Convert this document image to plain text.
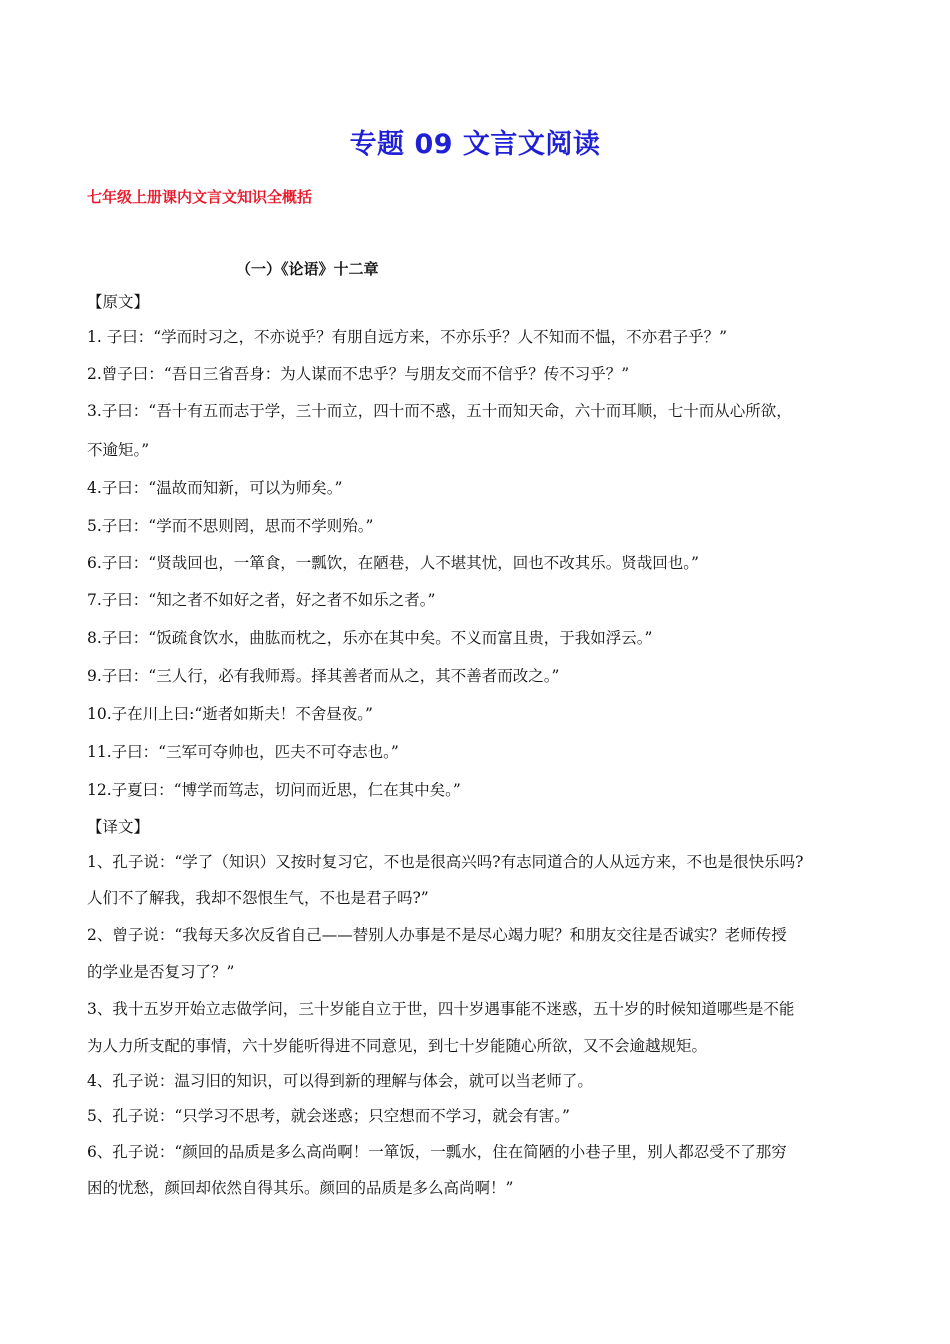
专题 09 文言文阅读
七年级上册课内文言文知识全概括
（一）《论语》十二章
【原文】
1. 子曰：“学而时习之，不亦说乎？有朋自远方来，不亦乐乎？人不知而不愠，不亦君子乎？”
2.曾子曰：“吾日三省吾身：为人谋而不忠乎？与朋友交而不信乎？传不习乎？”
3.子曰：“吾十有五而志于学，三十而立，四十而不惑，五十而知天命，六十而耳顺，七十而从心所欲，
不逾矩。”
4.子曰：“温故而知新，可以为师矣。”
5.子曰：“学而不思则罔，思而不学则殆。”
6.子曰：“贤哉回也，一箪食，一瓢饮，在陋巷，人不堪其忧，回也不改其乐。贤哉回也。”
7.子曰：“知之者不如好之者，好之者不如乐之者。”
8.子曰：“饭疏食饮水，曲肱而枕之，乐亦在其中矣。不义而富且贵，于我如浮云。”
9.子曰：“三人行，必有我师焉。择其善者而从之，其不善者而改之。”
10.子在川上曰:“逝者如斯夫！不舍昼夜。”
11.子曰：“三军可夺帅也，匹夫不可夺志也。”
12.子夏曰：“博学而笃志，切问而近思，仁在其中矣。”
【译文】
1、孔子说：“学了（知识）又按时复习它，不也是很高兴吗?有志同道合的人从远方来，不也是很快乐吗?
人们不了解我，我却不怨恨生气，不也是君子吗?”
2、曾子说：“我每天多次反省自己——替别人办事是不是尽心竭力呢？和朋友交往是否诚实？老师传授
的学业是否复习了？”
3、我十五岁开始立志做学问，三十岁能自立于世，四十岁遇事能不迷惑，五十岁的时候知道哪些是不能
为人力所支配的事情，六十岁能听得进不同意见，到七十岁能随心所欲，又不会逾越规矩。
4、孔子说：温习旧的知识，可以得到新的理解与体会，就可以当老师了。
5、孔子说：“只学习不思考，就会迷惑；只空想而不学习，就会有害。”
6、孔子说：“颜回的品质是多么高尚啊！一箪饭，一瓢水，住在简陋的小巷子里，别人都忍受不了那穷
困的忧愁，颜回却依然自得其乐。颜回的品质是多么高尚啊！”
